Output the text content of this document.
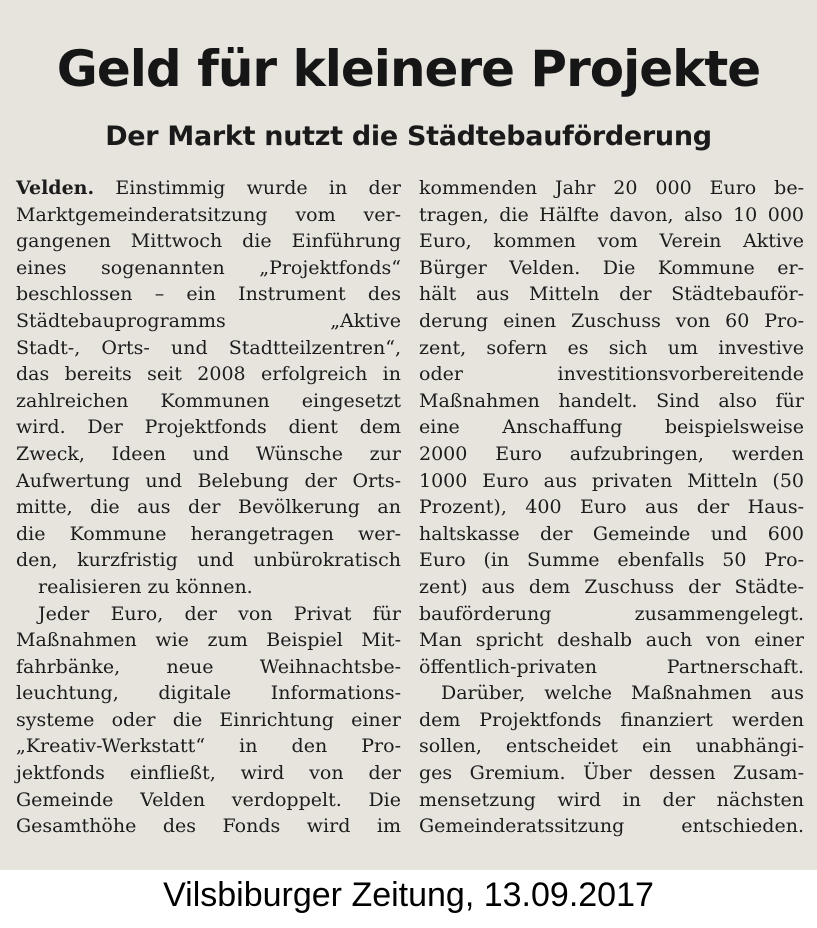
Geld für kleinere Projekte
Der Markt nutzt die Städtebauförderung
Velden. Einstimmig wurde in der
Marktgemeinderatsitzung vom ver-
gangenen Mittwoch die Einführung
eines sogenannten „Projektfonds“
beschlossen – ein Instrument des
Städtebauprogramms „Aktive
Stadt-, Orts- und Stadtteilzentren“,
das bereits seit 2008 erfolgreich in
zahlreichen Kommunen eingesetzt
wird. Der Projektfonds dient dem
Zweck, Ideen und Wünsche zur
Aufwertung und Belebung der Orts-
mitte, die aus der Bevölkerung an
die Kommune herangetragen wer-
den, kurzfristig und unbürokratisch
realisieren zu können.
Jeder Euro, der von Privat für
Maßnahmen wie zum Beispiel Mit-
fahrbänke, neue Weihnachtsbe-
leuchtung, digitale Informations-
systeme oder die Einrichtung einer
„Kreativ-Werkstatt“ in den Pro-
jektfonds einfließt, wird von der
Gemeinde Velden verdoppelt. Die
Gesamthöhe des Fonds wird im
kommenden Jahr 20 000 Euro be-
tragen, die Hälfte davon, also 10 000
Euro, kommen vom Verein Aktive
Bürger Velden. Die Kommune er-
hält aus Mitteln der Städtebauför-
derung einen Zuschuss von 60 Pro-
zent, sofern es sich um investive
oder investitionsvorbereitende
Maßnahmen handelt. Sind also für
eine Anschaffung beispielsweise
2000 Euro aufzubringen, werden
1000 Euro aus privaten Mitteln (50
Prozent), 400 Euro aus der Haus-
haltskasse der Gemeinde und 600
Euro (in Summe ebenfalls 50 Pro-
zent) aus dem Zuschuss der Städte-
bauförderung zusammengelegt.
Man spricht deshalb auch von einer
öffentlich-privaten Partnerschaft.
Darüber, welche Maßnahmen aus
dem Projektfonds finanziert werden
sollen, entscheidet ein unabhängi-
ges Gremium. Über dessen Zusam-
mensetzung wird in der nächsten
Gemeinderatssitzung entschieden.
Vilsbiburger Zeitung, 13.09.2017
